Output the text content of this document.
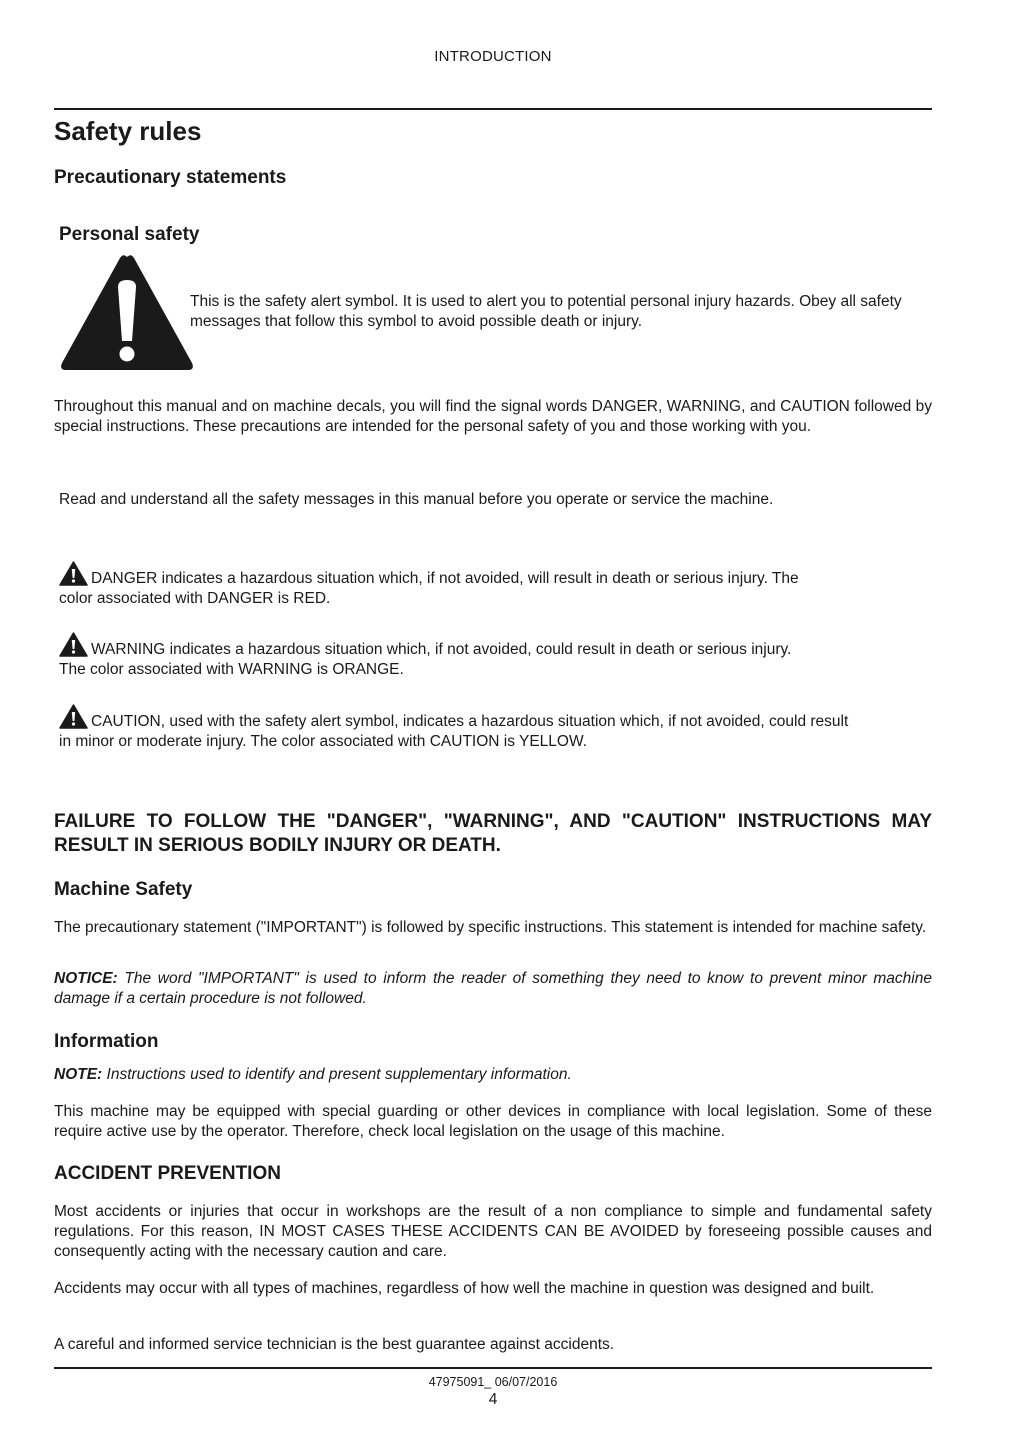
INTRODUCTION
Safety rules
Precautionary statements
Personal safety

This is the safety alert symbol. It is used to alert you to potential personal injury hazards. Obey all safety messages that follow this symbol to avoid possible death or injury.

Throughout this manual and on machine decals, you will find the signal words DANGER, WARNING, and CAUTION followed by special instructions. These precautions are intended for the personal safety of you and those working with you.

Read and understand all the safety messages in this manual before you operate or service the machine.

DANGER indicates a hazardous situation which, if not avoided, will result in death or serious injury. The

color associated with DANGER is RED.

WARNING indicates a hazardous situation which, if not avoided, could result in death or serious injury.

The color associated with WARNING is ORANGE.

CAUTION, used with the safety alert symbol, indicates a hazardous situation which, if not avoided, could result

in minor or moderate injury. The color associated with CAUTION is YELLOW.

FAILURE TO FOLLOW THE "DANGER", "WARNING", AND "CAUTION" INSTRUCTIONS MAY RESULT IN SERIOUS BODILY INJURY OR DEATH.

Machine Safety

The precautionary statement ("IMPORTANT") is followed by specific instructions. This statement is intended for machine safety.

NOTICE: The word "IMPORTANT" is used to inform the reader of something they need to know to prevent minor machine damage if a certain procedure is not followed.

Information

NOTE: Instructions used to identify and present supplementary information.

This machine may be equipped with special guarding or other devices in compliance with local legislation. Some of these require active use by the operator. Therefore, check local legislation on the usage of this machine.

ACCIDENT PREVENTION

Most accidents or injuries that occur in workshops are the result of a non compliance to simple and fundamental safety regulations. For this reason, IN MOST CASES THESE ACCIDENTS CAN BE AVOIDED by foreseeing possible causes and consequently acting with the necessary caution and care.

Accidents may occur with all types of machines, regardless of how well the machine in question was designed and built.

A careful and informed service technician is the best guarantee against accidents.

47975091_ 06/07/2016
4
